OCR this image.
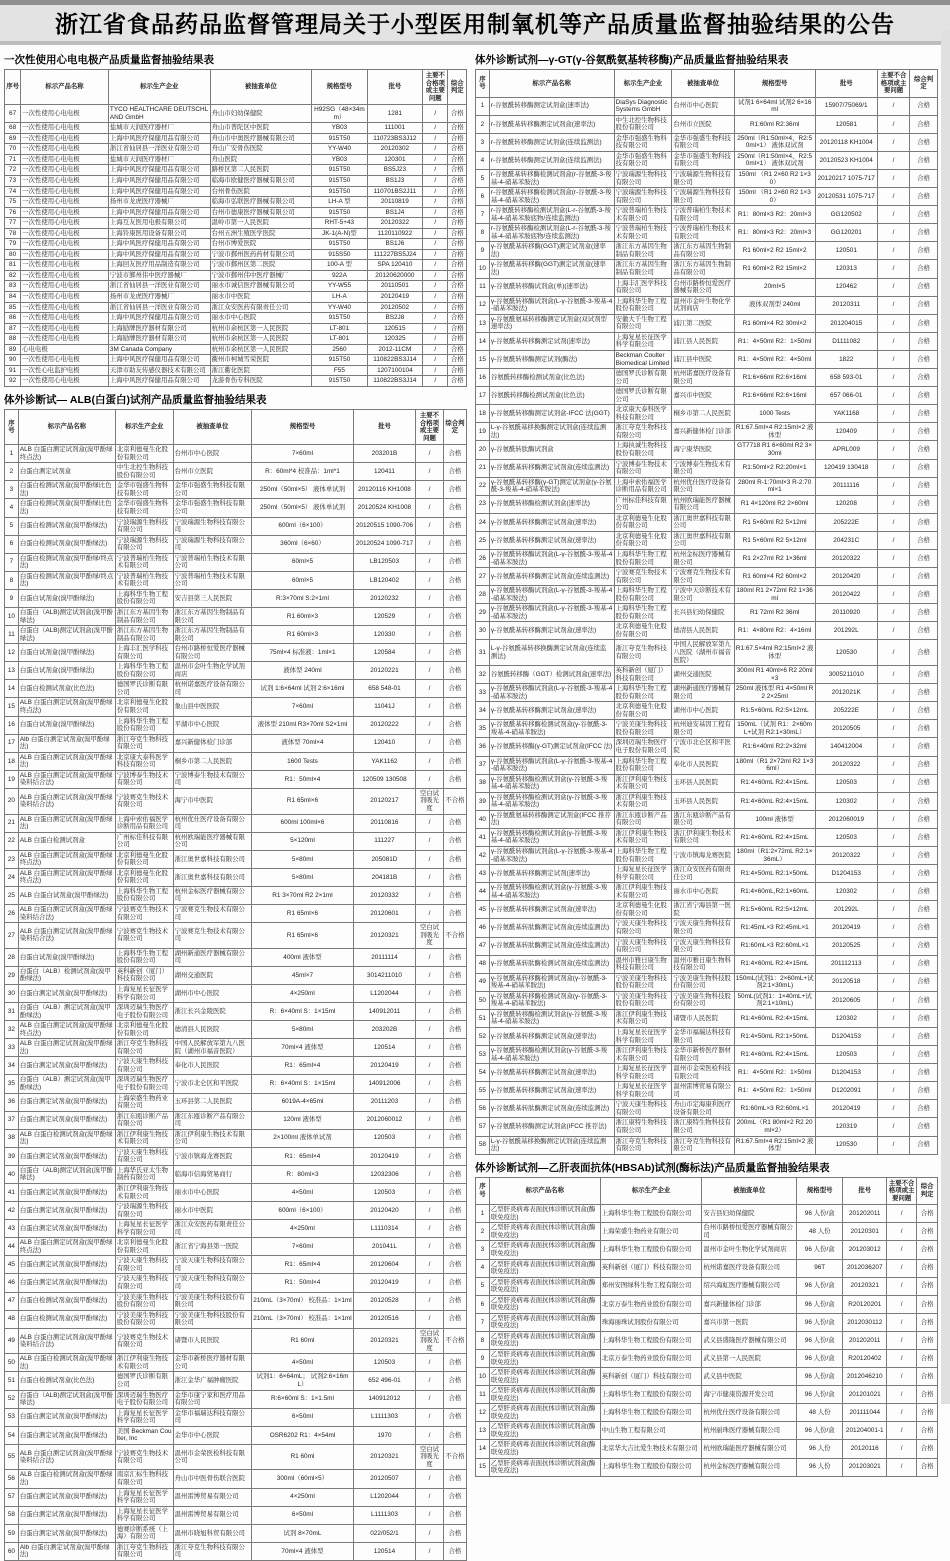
浙江省食品药品监督管理局关于小型医用制氧机等产品质量监督抽验结果的公告
一次性使用心电电极产品质量监督抽验结果表
序号	标示产品名称	标示生产企业	被抽查单位	规格型号	批号	主要不合格项或主要问题	综合判定
67	一次性使用心电电极	TYCO HEALTHCARE DEUTSCHLAND GmbH	舟山市妇幼保健院	H92SG（48×34mm）	1281	/	合格
68	一次性使用心电电极	盐城市天润医疗器材厂	舟山市普陀区中医院	YB03	111001	/	合格
69	一次性使用心电电极	上海中风医疗保健用品有限公司	舟山市中奥医疗器械有限公司	915T50	110723BS3J12	/	合格
70	一次性使用心电电极	浙江省仙居县一洋医业有限公司	舟山广安骨伤医院	YY-W40	20120302	/	合格
71	一次性使用心电电极	盐城市天润医疗器材厂	舟山医院	YB03	120301	/	合格
72	一次性使用心电电极	上海中风医疗保健用品有限公司	路桥区第二人民医院	915T50	BS5J23	/	合格
73	一次性使用心电电极	上海中风医疗保健用品有限公司	临海市欧健医疗器械有限公司	915T50	BS1J3	/	合格
74	一次性使用心电电极	上海中风医疗保健用品有限公司	台州骨伤医院	915T50	110701BS2J11	/	合格
75	一次性使用心电电极	扬州市龙虎医疗器械厂	临海市弘联医疗器械有限公司	LH-A 型	20110819	/	合格
76	一次性使用心电电极	上海中风医疗保健用品有限公司	台州市德康医疗器械有限公司	915T50	BS1J4	/	合格
77	一次性使用心电电极	上海互友医用电极有限公司	温岭市第一人民医院	RHT-5+43	20120322	/	合格
78	一次性使用心电电极	上海铃康医用设备有限公司	台州五洲生殖医学医院	JK-1(A-N)型	1120110922	/	合格
79	一次性使用心电电极	上海中风医疗保健用品有限公司	台州市博爱医院	915T50	BS1J6	/	合格
80	一次性使用心电电极	上海中风医疗保健用品有限公司	宁波市鄞州医药药材有限公司	915S50	111227BS5J24	/	合格
81	一次性使用心电电极	上海回友医疗用品制造有限公司	宁波市鄞州区第二医院	100-A 型	SPA 120410	/	合格
82	一次性使用心电电极	宁波市鄞州伟中医疗器械厂	宁波市鄞州伟中医疗器械厂	922A	20120620000	/	合格
83	一次性使用心电电极	浙江省仙居县一洋医业有限公司	丽水市诚信医疗器械有限公司	YY-W55	20110501	/	合格
84	一次性使用心电电极	扬州市龙虎医疗器械厂	丽水市中医院	LH-A	20120419	/	合格
85	一次性使用心电电极	浙江省仙居县一洋医业有限公司	浙江众安医药有限责任公司	YY-W40	20120502	/	合格
86	一次性使用心电电极	上海中风医疗保健用品有限公司	丽水市中心医院	915T50	BS2J8	/	合格
87	一次性使用心电电极	上海励牌医疗器材有限公司	杭州市余杭区第一人民医院	LT-801	120515	/	合格
88	一次性使用心电电极	上海励牌医疗器材有限公司	杭州市余杭区第一人民医院	LT-801	120325	/	合格
89	心电电极	3M Canada Company	杭州市余杭区第一人民医院	2560	2012-11CM	/	合格
90	一次性使用心电电极	上海中风医疗保健用品有限公司	衢州市柯城雪荣医院	915T50	110822BS3J14	/	合格
91	一次性心电监护电极	天津市助友传感仪器技术有限公司	浙江衢化医院	F55	1207100104	/	合格
92	一次性使用心电电极	上海中风医疗保健用品有限公司	龙游骨伤专科医院	915T50	110822BS3J14	/	合格
体外诊断试— ALB(白蛋白)试剂产品质量监督抽验结果表
序号	标示产品名称	标示生产企业	被抽查单位	规格型号	批号	主要不合格项或主要问题	综合判定
1	ALB 白蛋白测定试剂盒(溴甲酚绿终点法)	北京利德曼生化股份有限公司	台州市中心医院	7×60ml	203201B	/	合格
2	白蛋白测定试剂盒	中生北控生物科技股份有限公司	台州市立医院	R：60ml*4 校准品：1ml*1	120411	/	合格
3	白蛋白检测试剂盒(溴甲酚绿比色法)	金华市强盛生物科技有限公司	金华市强盛生物科技有限公司	250ml（50ml×5） 液体单试剂	20120116 KH1008	/	合格
4	白蛋白检测试剂盒(溴甲酚绿比色法)	金华市强盛生物科技有限公司	金华市强盛生物科技有限公司	250ml（50ml×5） 液体单试剂	20120524 KH1008	/	合格
5	白蛋白检测试剂盒(溴甲酚绿法)	宁波瑞源生物科技有限公司	宁波瑞源生物科技有限公司	600ml（6×100）	20120515 1090-706	/	合格
6	白蛋白检测试剂盒(溴甲酚绿法)	宁波瑞源生物科技有限公司	宁波瑞源生物科技有限公司	360ml（6×60）	20120524 1090-717	/	合格
7	白蛋白检测试剂盒(溴甲酚绿/终点法)	宁波普瑞柏生物技术有限公司	宁波普瑞柏生物技术有限公司	60ml×5	LB120503	/	合格
8	白蛋白检测试剂盒(溴甲酚绿/终点法)	宁波普瑞柏生物技术有限公司	宁波普瑞柏生物技术有限公司	60ml×5	LB120402	/	合格
9	白蛋白试剂盒(溴甲酚绿法)	上海科华生物工程股份有限公司	安吉县第三人民医院	R:3×70ml S:2×1ml	20120232	/	合格
10	白蛋白（ALB)测定试剂盒(溴甲酚绿法)	浙江东方基因生物制品有限公司	浙江东方基因生物制品有限公司	R1 60ml×3	120529	/	合格
11	白蛋白（ALB)测定试剂盒(溴甲酚绿法)	浙江东方基因生物制品有限公司	浙江东方基因生物制品有限公司	R1 60ml×3	120330	/	合格
12	白蛋白试剂盒(溴甲酚绿法)	上海丰汇医学科技有限公司	台州市路桥恒爱医疗器械有限公司	75ml×4 标准液：1ml×1	120584	/	合格
13	白蛋白试剂盒(溴甲酚绿法)	上海科华生物工程股份有限公司	温州市金叶生物化学试剂商店	液体型 240ml	20120221	/	合格
14	白蛋白检测试剂盒(比色法)	德国罗氏诊断有限公司	杭州诺嘉医疗设备有限公司	试剂 1:6×64ml 试剂 2:6×16ml	658 548-01	/	合格
15	ALB 白蛋白测定试剂盒(溴甲酚绿终点法)	北京利德曼生化股份有限公司	象山县中医医院	7×60ml	11041J	/	合格
16	白蛋白试剂盒(溴甲酚绿法)	上海科华生物工程股份有限公司	平湖市中心医院	液体型 210ml R3×70ml S2×1ml	20120222	/	合格
17	Alb 白蛋白测定试剂盒(溴甲酚绿法)	浙江夸克生物科技有限公司	嘉兴新健体检门诊部	液体型 70ml×4	120410	/	合格
18	ALB 白蛋白测定试剂盒(溴甲酚绿法)	北京康大泰科医学科技有限公司	桐乡市第二人民医院	1600 Tests	YAK1162	/	合格
19	ALB 白蛋白测定试剂盒(溴甲酚绿染料结合法)	宁波博泰生物技术有限公司	宁波博泰生物技术有限公司	R1：50ml×4	120509 130508	/	合格
20	ALB 白蛋白测定试剂盒(溴甲酚绿染料结合法)	宁波赛克生物技术有限公司	海宁市中医院	R1 65ml×6	20120217	空白试剂吸光度	不合格
21	ALB 白蛋白测定试剂盒(溴甲酚绿法)	上海申索佑福医学诊断用品有限公司	杭州优仕医疗设备有限公司	600ml 100ml×6	20110816	/	合格
22	ALB 白蛋白检测试剂盒	广州标佳科技有限公司	杭州欧瑞能医疗器械有限公司	5×120ml	111227	/	合格
23	ALB 白蛋白测定试剂盒(溴甲酚绿终点法)	北京利德曼生化股份有限公司	浙江奥世嘉科技有限公司	5×80ml	205081D	/	合格
24	ALB 白蛋白测定试剂盒(溴甲酚绿终点法)	北京利德曼生化股份有限公司	浙江奥世嘉科技有限公司	5×80ml	204181B	/	合格
25	ALB 白蛋白试剂盒(溴甲酚绿法)	上海科华生物工程股份有限公司	杭州金标医疗器械有限公司	R1 3×70ml R2 2×1ml	20120332	/	合格
26	ALB 白蛋白测定试剂盒(溴甲酚绿染料结合法)	宁波赛克生物技术有限公司	宁波赛克生物技术有限公司	R1 65ml×6	20120601	/	合格
27	ALB 白蛋白测定试剂盒(溴甲酚绿染料结合法)	宁波赛克生物技术有限公司	宁波赛克生物技术有限公司	R1 65ml×6	20120321	空白试剂吸光度	不合格
28	白蛋白试剂盒(溴甲酚绿法)	上海科华生物工程股份有限公司	湖州新通医疗器械有限公司	400ml 液体型	20111114	/	合格
29	白蛋白（ALB）检测试剂盒(溴甲酚绿法)	英科新创（厦门）科技有限公司	湖州交通医院	45ml×7	3014211010	/	合格
30	白蛋白测定试剂盒(溴甲酚绿法)	上海复星长征医学科学有限公司	湖州市中心医院	4×250ml	L1202044	/	合格
31	白蛋白（ALB）测定试剂盒(溴甲酚绿法)	深圳迈瑞生物医疗电子股份有限公司	浙江长兴金陵医院	R：6×40ml S：1×15ml	140912011	/	合格
32	ALB 白蛋白测定试剂盒(溴甲酚绿终点法)	北京利德曼生化股份有限公司	德清县人民医院	5×80ml	203202B	/	合格
33	ALB 白蛋白测定试剂盒(溴甲酚绿法)	浙江夸克生物科技有限公司	中国人民解放军第九八医院（湖州市福音医院）	70ml×4 液体型	120514	/	合格
34	白蛋白测定试剂盒(溴甲酚绿法)	宁波天康生物科技有限公司	奉化市人民医院	R1：65ml×4	20120419	/	合格
35	白蛋白（ALB）测定试剂盒(溴甲酚绿法)	深圳迈瑞生物医疗电子股份有限公司	宁波市北仑区和平医院	R：6×40ml S：1×15ml	140912006	/	合格
36	白蛋白测定试剂盒(溴甲酚绿法)	上海荣盛生物药业有限公司	玉环县第二人民医院	6019A-4×65ml	20111203	/	合格
37	白蛋白测定试剂盒(溴甲酚绿法)	浙江东瓯诊断产品有限公司	浙江东瓯诊断产品有限公司	120ml 液体型	2012060012	/	合格
38	ALB 白蛋白检测试剂盒(溴甲酚绿法)	浙江伊利康生物技术有限公司	浙江伊利康生物技术有限公司	2×100ml 液体单试剂	120503	/	合格
39	白蛋白测定试剂盒(溴甲酚绿法)	宁波天康生物科技有限公司	宁波市镇海龙赛医院	R1：65ml×4	20120419	/	合格
40	白蛋白（ALB)测定试剂盒(溴甲酚绿法)	上海华氏亚太生物制药有限公司	临海市信海贸易商行	R：80ml×3	12032306	/	合格
41	白蛋白测定试剂盒(溴甲酚绿法)	浙江伊利康生物技术有限公司	丽水市中心医院	4×50ml	120503	/	合格
42	白蛋白测定试剂盒(溴甲酚绿法)	宁波瑞源生物科技有限公司	丽水市中医院	600ml（6×100）	20120420	/	合格
43	白蛋白测定试剂盒(溴甲酚绿法)	上海复星长征医学科学有限公司	浙江众安医药有限责任公司	4×250ml	L1110314	/	合格
44	ALB 白蛋白测定试剂盒(溴甲酚绿终点法)	北京利德曼生化股份有限公司	浙江省宁海县第一医院	7×60ml	201041L	/	合格
45	白蛋白测定试剂盒(溴甲酚绿法)	宁波天康生物科技有限公司	宁波天康生物科技有限公司	R1：65ml×4	20120604	/	合格
46	白蛋白测定试剂盒(溴甲酚绿法)	宁波天康生物科技有限公司	宁波天康生物科技有限公司	R1：50ml×4	20120419	/	合格
47	白蛋白检测试剂盒(溴甲酚绿法)	宁波美康生物科技股份有限公司	宁波美康生物科技股份有限公司	210mL（3×70ml） 校准品：1×1ml	20120528	/	合格
48	白蛋白检测试剂盒(溴甲酚绿法)	宁波美康生物科技股份有限公司	宁波美康生物科技股份有限公司	210mL（3×70ml） 校准品：1×1ml	20120516	/	合格
49	ALB 白蛋白测定试剂盒(溴甲酚绿染料结合法)	宁波赛克生物技术有限公司	诸暨市人民医院	R1 60ml	20120321	空白试剂吸光度	不合格
50	ALB 白蛋白检测试剂盒(溴甲酚绿法)	浙江伊利康生物技术有限公司	金华市新桥医疗器材有限公司	4×50ml	120503	/	合格
51	白蛋白检测试剂盒(比色法)	德国罗氏诊断有限公司	浙江金华广福肿瘤医院	试剂1：6×64mL； 试剂2:6×16mL）	652 496-01	/	合格
52	白蛋白（ALB)测定试剂盒(溴甲酚绿法)	深圳迈瑞生物医疗电子股份有限公司	金华市康宁家和医疗用品有限公司	R:6×60ml S：1×1.5ml	140912012	/	合格
53	白蛋白测定试剂盒(溴甲酚绿法)	上海复星长征医学科学有限公司	金华市福瑞达科技有限公司	6×50ml	L1111303	/	合格
54	白蛋白测定试剂盒(溴甲酚绿法)	美国 Beckman Coulter, Inc	金华市中心医院	OSR6202 R1：4×54ml	1970	/	合格
55	ALB 白蛋白测定试剂盒(溴甲酚绿染料结合法)	宁波赛克生物技术有限公司	温州市金荣医检科技有限公司	R1 60ml	20120321	空白试剂吸光度	不合格
56	ALB 白蛋白检测试剂盒(溴甲酚绿法)	南京汇标生物科技有限公司	舟山市中医骨伤联合医院	300ml（60ml×5）	20120507	/	合格
57	白蛋白测定试剂盒(溴甲酚绿法)	上海复星长征医学科学有限公司	温州雷博贸易有限公司	4×250ml	L1202044	/	合格
58	白蛋白测定试剂盒(溴甲酚绿法)	上海复星长征医学科学有限公司	温州雷博贸易有限公司	6×50ml	L1111303	/	合格
59	白蛋白测定试剂盒(溴甲酚绿法)	德赛诊断系统（上海）有限公司	温州市晓旭科贸有限公司	试剂 8×70mL	022/052/1	/	合格
60	Alb 白蛋白测定试剂盒(溴甲酚绿法)	浙江夸克生物科技有限公司	浙江夸克生物科技有限公司	70ml×4 液体型	120514	/	合格
体外诊断试剂—γ-GT(γ-谷氨酰氨基转移酶)产品质量监督抽验结果表
序号	标示产品名称	标示生产企业	被抽查单位	规格型号	批号	主要不合格项或主要问题	综合判定
1	r-谷氨酰转移酶测定试剂盒(速率法)	DiaSys Diagnostic Systems GmbH	台州市中心医院	试剂1 6×64ml 试剂2 6×16ml	15907/75069/1	/	合格
2	r-谷氨酰基转移酶测定试剂盒(速率法)	中生北控生物科技股份有限公司	台州市立医院	R1:60ml R2:36ml	120581	/	合格
3	r-谷氨酰转移酶测定试剂盒(连续监测法)	金华市强盛生物科技有限公司	金华市强盛生物科技有限公司	250ml（R1:50ml×4、R2:50ml×1） 液体双试剂	20120118 KH1004	/	合格
4	r-谷氨酰转移酶测定试剂盒(连续监测法)	金华市强盛生物科技有限公司	金华市强盛生物科技有限公司	250ml（R1:50ml×4、R2:50ml×1） 液体双试剂	20120523 KH1004	/	合格
5	r-谷氨酰基转移酶检测试剂盒(r-谷氨酰-3-羧基-4-硝基苯胺法)	宁波瑞源生物科技有限公司	宁波瑞源生物科技有限公司	150ml （R1 2×60 R2 1×30）	20120217 1075-717	/	合格
6	r-谷氨酰基转移酶检测试剂盒(r-谷氨酰-3-羧基-4-硝基苯胺法)	宁波瑞源生物科技有限公司	宁波瑞源生物科技有限公司	150ml （R1 2×60 R2 1×30）	20120531 1075-717	/	合格
7	r-谷氨酰转移酶检测试剂盒(L-r-谷氨酰-3-羧基-4-硝基苯胺底物/连续监测法)	宁波普瑞柏生物技术有限公司	宁波普瑞柏生物技术有限公司	R1：80ml×3 R2：20ml×3	GG120502	/	合格
8	r-谷氨酰转移酶检测试剂盒(L-r-谷氨酰-3-羧基-4-硝基苯胺底物/连续监测法)	宁波普瑞柏生物技术有限公司	宁波普瑞柏生物技术有限公司	R1：80ml×3 R2：20ml×3	GG120201	/	合格
9	γ-谷氨酰基转移酶(GGT)测定试剂盒(速率法)	浙江东方基因生物制品有限公司	浙江东方基因生物制品有限公司	R1 60ml×2 R2 15ml×2	120501	/	合格
10	γ-谷氨酰基转移酶(GGT)测定试剂盒(速率法)	浙江东方基因生物制品有限公司	浙江东方基因生物制品有限公司	R1 60ml×2 R2 15ml×2	120313	/	合格
11	γ-谷氨酰转移酶试剂盒(单)(速率法)	上海丰汇医学科技有限公司	台州市路桥恒爱医疗器械有限公司	20ml×5	120462	/	合格
12	γ-谷氨酰转移酶试剂盒(L-γ-谷氨酰-3-羧基-4-硝基苯胺法)	上海科华生物工程股份有限公司	温州市金叶生物化学试剂商店	液体双剂型 240ml	20120311	/	合格
13	γ-谷氨酰氨基转移酶测定试剂盒(双试剂型速率法)	安徽大千生物工程有限公司	浦江第二医院	R1 60ml×4 R2 30ml×2	201204015	/	合格
14	γ-谷氨酰基转移酶测定试剂(速率法)	上海复星长征医学科学有限公司	浦江县人民医院	R1：4×50ml R2：1×50ml	D1111082	/	合格
15	γ-谷氨酰转移酶测定试剂(酶法)	Beckman Coulter Biomedical Limited	浦江县中医院	R1：4×50ml R2：4×50ml	1822	/	合格
16	谷氨酰转移酶检测试剂盒(比色法)	德国罗氏诊断有限公司	杭州诺嘉医疗设备有限公司	R1:6×66ml R2:6×16ml	658 593-01	/	合格
17	谷氨酰转移酶检测试剂盒(比色法)	德国罗氏诊断有限公司	嘉兴市中医院	R1:6×66ml R2:6×16ml	657 066-01	/	合格
18	γ-谷氨酰转移酶测定试剂盒-IFCC 法(GGT)	北京康大泰科医学科技有限公司	桐乡市第二人民医院	1000 Tests	YAK1168	/	合格
19	L-γ-谷氨酰基移换酶测定试剂盒(连续监测法)	浙江夸克生物科技有限公司	嘉兴新健体检门诊部	R1:67.5ml×4 R2:15ml×2 液体型	120409	/	合格
20	γ-谷氨酰转肽酶试剂盒	上海执诚生物科技股份有限公司	海宁康华医院	GT7718 R1 6×60ml R2 3×30ml	APRL009	/	合格
21	γ-谷氨酰基转移酶测定试剂盒(连续监测法)	宁波博泰生物技术有限公司	宁波博泰生物技术有限公司	R1:50ml×2 R2:20ml×1	120419 130418	/	合格
22	γ-谷氨酰基转移酶(γ-GT)测定试剂盒(γ-谷氨酰-3-羧基-4-硝基苯胺法)	上海申索佑福医学诊断用品有限公司	杭州优仕医疗设备有限公司	280ml R-1:70ml×3 R-2:70ml×1	20111116	/	合格
23	γ-谷氨酰转移酶检测试剂盒(速率法)	广州标佳科技有限公司	杭州欧瑞能医疗器械有限公司	R1 4×120ml R2 2×60ml	120208	/	合格
24	γ-谷氨酰基转移酶测定试剂盒(速率法)	北京利德曼生化股份有限公司	浙江奥世嘉科技有限公司	R1 5×60ml R2 5×12ml	205222E	/	合格
25	γ-谷氨酰基转移酶测定试剂盒(速率法)	北京利德曼生化股份有限公司	浙江奥世嘉科技有限公司	R1 5×60ml R2 5×12ml	204231C	/	合格
26	γ-谷氨酰转移酶试剂盒(L-γ-谷氨酰-3-羧基-4-硝基苯胺法)	上海科华生物工程股份有限公司	杭州金标医疗器械有限公司	R1 2×27ml R2 1×36ml	20120322	/	合格
27	γ-谷氨酰基转移酶测定试剂盒(连续监测法)	宁波赛克生物技术有限公司	宁波赛克生物技术有限公司	R1 60ml×4 R2 60ml×2	20120420	/	合格
28	γ-谷氨酰转移酶试剂盒(L-γ-谷氨酰-3-羧基-4-硝基苯胺法)	上海科华生物工程股份有限公司	宁波中天诊断技术有限公司	180ml R1 2×72ml R2 1×36ml	20120422	/	合格
29	γ-谷氨酰转移酶试剂盒(L-γ-谷氨酰-3-羧基-4-硝基苯胺法)	上海科华生物工程股份有限公司	长兴县妇幼保健院	R1 72ml R2 36ml	20110920	/	合格
30	γ-谷氨酰基转移酶测定试剂盒(速率法)	北京利德曼生化股份有限公司	德清县人民医院	R1：4×80ml R2：4×16ml	201292L	/	合格
31	L-γ-谷氨酰基转移换酶测定试剂盒(连续监测法)	浙江夸克生物科技有限公司	中国人民解放军第九八医院（湖州市福音医院）	R1:67.5×4ml R2:15ml×2 液体型	120530	/	合格
32	谷氨酰转移酶（GGT）检测试剂盒(速率法)	英科新创（厦门）科技有限公司	湖州交通医院	300ml R1 40ml×6 R2 20ml×3	3005211010	/	合格
33	γ-谷氨酰转移酶试剂盒(L-γ-谷氨酰-3-羧基-4-硝基苯胺法)	上海科华生物工程股份有限公司	湖州新通医疗器械有限公司	250ml 液体型 R1 4×50ml R2 2×25ml	2012021K	/	合格
34	γ-谷氨酰基转移酶测定试剂盒(速率法)	北京利德曼生化股份有限公司	湖州市中心医院	R1:5×60mL R2:5×12mL	205222E	/	合格
35	γ-谷氨酰基转移酶检测试剂盒(γ-谷氨酰-3-羧基-4-硝基苯胺法)	宁波美康生物科技股份有限公司	杭州迪安基因工程有限公司	150mL（试剂 R1：2×60mL+试剂 R2:1×30mL）	20120505	/	合格
36	γ-谷氨酰转移酶(γ-GT)测定试剂盒(IFCC 法)	深圳迈瑞生物医疗电子股份有限公司	宁波市北仑区和平医院	R1:6×40ml R2:2×32ml	140412004	/	合格
37	γ-谷氨酰转移酶试剂盒(L-γ-谷氨酰-3-羧基-4-硝基苯胺法)	上海科华生物工程股份有限公司	奉化市人民医院	180ml（R1 2×72ml R2 1×36ml）	20120322	/	合格
38	γ-谷氨酰转移酶检测试剂盒(γ-谷氨酰-3-羧基-4-硝基苯胺法)	浙江伊利康生物技术有限公司	玉环县人民医院	R1:4×60mL R2:4×15mL	120503	/	合格
39	γ-谷氨酰转移酶检测试剂盒(γ-谷氨酰-3-羧基-4-硝基苯胺法)	浙江伊利康生物技术有限公司	玉环县人民医院	R1:4×60mL R2:4×15mL	120302	/	合格
40	γ-谷氨酰氨基转移酶测定试剂盒(IFCC 推荐法)	浙江东瓯诊断产品有限公司	浙江东瓯诊断产品有限公司	100ml 液体型	2012060019	/	合格
41	γ-谷氨酰转移酶检测试剂盒(γ-谷氨酰-3-羧基-4-硝基苯胺法)	浙江伊利康生物技术有限公司	浙江伊利康生物技术有限公司	R1:4×60mL R2:4×15mL	120503	/	合格
42	γ-谷氨酰转移酶试剂盒(L-γ-谷氨酰-3-羧基-4-硝基苯胺法)	上海科华生物工程股份有限公司	宁波市镇海龙赛医院	180ml（R1:2×72mL R2:1×36mL）	20120322	/	合格
43	γ-谷氨酰基转移酶测定试剂(速率法)	上海复星长征医学科学有限公司	浙江众安医药有限责任公司	R1:4×50mL R2:1×50mL	D1204153	/	合格
44	γ-谷氨酰转移酶检测试剂盒(γ-谷氨酰-3-羧基-4-硝基苯胺法)	浙江伊利康生物技术有限公司	丽水市中心医院	R1:4×60mL,R2:1×60mL	120302	/	合格
45	γ-谷氨酰基转移酶测定试剂盒(速率法)	北京利德曼生化股份有限公司	浙江省宁海县第一医院	R1:5×60mL R2:5×12mL	201292L	/	合格
46	γ-谷氨酰基转肽酶测定试剂盒(连续监测法)	宁波天康生物科技有限公司	宁波天康生物科技有限公司	R1:45mL×3 R2:45mL×1	20120419	/	合格
47	γ-谷氨酰基转肽酶测定试剂盒(连续监测法)	宁波天康生物科技有限公司	宁波天康生物科技有限公司	R1:60mL×3 R2:60mL×1	20120525	/	合格
48	γ-谷氨酰基转肽酶检测试剂盒(连续监测法)	温州市雅日康生物科技有限公司	温州市雅日康生物科技有限公司	R1:4×60mL R2:4×15mL	201112113	/	合格
49	γ-谷氨酰基转移酶检测试剂盒(γ-谷氨酰-3-羧基-4-硝基苯胺法)	宁波美康生物科技股份有限公司	宁波美康生物科技股份有限公司	150mL(试剂1：2×60mL+试剂2:1×30mL)	20120518	/	合格
50	γ-谷氨酰基转移酶检测试剂盒(γ-谷氨酰-3-羧基-4-硝基苯胺法)	宁波美康生物科技股份有限公司	宁波美康生物科技股份有限公司	50mL(试剂1：1×40mL+试剂2:1×10mL)	20120605	/	合格
51	γ-谷氨酰转移酶检测试剂盒(γ-谷氨酰-3-羧基-4-硝基苯胺法)	浙江伊利康生物技术有限公司	诸暨市人民医院	R1:4×60mL R2:4×15mL	120302	/	合格
52	γ-谷氨酰基转移酶测定试剂盒(速率法)	上海复星长征医学科学有限公司	金华市福瑞达科技有限公司	R1:4×50mL R2:1×50mL	D1204153	/	合格
53	γ-谷氨酰转移酶检测试剂盒(γ-谷氨酰-3-羧基-4-硝基苯胺法)	浙江伊利康生物技术有限公司	金华市新桥医疗器材有限公司	R1:4×60mL R2:4×15mL	120503	/	合格
54	γ-谷氨酰基转移酶测定试剂盒(速率法)	上海复星长征医学科学有限公司	温州市金荣医检科技有限公司	R1：4×50ml R2：1×50ml	D1204153	/	合格
55	γ-谷氨酰基转移酶测定试剂盒(速率法)	上海复星长征医学科学有限公司	温州雷博贸易有限公司	R1：4×50ml R2：1×50ml	D1202091	/	合格
56	γ-谷氨酰基转肽酶测定试剂盒(连续监测法)	宁波天康生物科技有限公司	舟山市定海康利医疗设备有限公司	R1:60mL×3 R2:60mL×1	20120419	/	合格
57	γ-谷氨酰转移酶测定试剂盒(IFCC 推荐法)	浙江康特生物科技有限公司	浙江康特生物科技有限公司	200mL（R1 80ml×2 R2 20ml×2）	120319	/	合格
58	L-γ-谷氨酰基移换酶测定试剂盒(连续监测法)	浙江夸克生物科技有限公司	浙江夸克生物科技有限公司	R1:67.5ml×4 R2:15ml×2 液体型	120530	/	合格
体外诊断试剂—乙肝表面抗体(HBSAb)试剂(酶标法)产品质量监督抽验结果表
序号	标示产品名称	标示生产企业	被抽查单位	规格型号	批号	主要不合格项或主要问题	综合判定
1	乙型肝炎病毒表面抗体诊断试剂盒(酶联免疫法)	上海科华生物工程股份有限公司	安吉县妇幼保健院	96 人份/盒	201202011	/	合格
2	乙型肝炎病毒表面抗体诊断试剂盒(酶联免疫法)	上海荣盛生物药业有限公司	台州市路桥恒爱医疗器械有限公司	48 人份	20120301	/	合格
3	乙型肝炎病毒表面抗体诊断试剂盒(酶联免疫法)	上海科华生物工程股份有限公司	温州市金叶生物化学试剂商店	96 人份/盒	201203012	/	合格
4	乙型肝炎病毒表面抗体诊断试剂盒(酶联免疫法)	英科新创（厦门）科技有限公司	杭州诺嘉医疗设备有限公司	96T	2012036207	/	合格
5	乙型肝炎病毒表面抗体诊断试剂盒(酶联免疫法)	郑州安图绿科生物工程有限公司	绍兴海虹医疗器械有限公司	96 人份/盒	20120321	/	合格
6	乙型肝炎病毒表面抗体诊断试剂盒(酶联免疫法)	北京万泰生物药业股份有限公司	嘉兴新健体检门诊部	96 人份/盒	R20120201	/	合格
7	乙型肝炎病毒表面抗体诊断试剂盒(酶联免疫法)	珠海丽珠试剂股份有限公司	嘉兴市第一医院	96 人份/盒	2012030112	/	合格
8	乙型肝炎病毒表面抗体诊断试剂盒(酶联免疫法)	上海科华生物工程股份有限公司	武义县盛隆医疗器械有限公司	96 人份/盒	201202011	/	合格
9	乙型肝炎病毒表面抗体诊断试剂盒(酶联免疫法)	北京万泰生物药业股份有限公司	武义县第一人民医院	96 人份/盒	R20120402	/	合格
10	乙型肝炎病毒表面抗体诊断试剂盒(酶联免疫法)	英科新创（厦门）科技有限公司	武义县中医院	96 人份/盒	2012046210	/	合格
11	乙型肝炎病毒表面抗体诊断试剂盒(酶联免疫法)	上海科华生物工程股份有限公司	海宁市健康资源开发公司	96 人份/盒	201201021	/	合格
12	乙型肝炎病毒表面抗体诊断试剂盒(酶联免疫法)	上海科华生物工程股份有限公司	杭州优仕医疗设备有限公司	48 人份	201111044	/	合格
13	乙型肝炎病毒表面抗体诊断试剂盒(酶联免疫法)	中山生物工程有限公司	杭州丽珠医疗器械有限公司	96 人份/盒	201204001-1	/	合格
14	乙型肝炎病毒表面抗体诊断试剂盒(酶联免疫法)	北京华大吉比爱生物技术有限公司	杭州欧瑞能医疗器械有限公司	96 人份	20120116	/	合格
15	乙型肝炎病毒表面抗体诊断试剂盒(酶联免疫法)	上海科华生物工程股份有限公司	杭州金标医疗器械有限公司	96 人份	201203021	/	合格
